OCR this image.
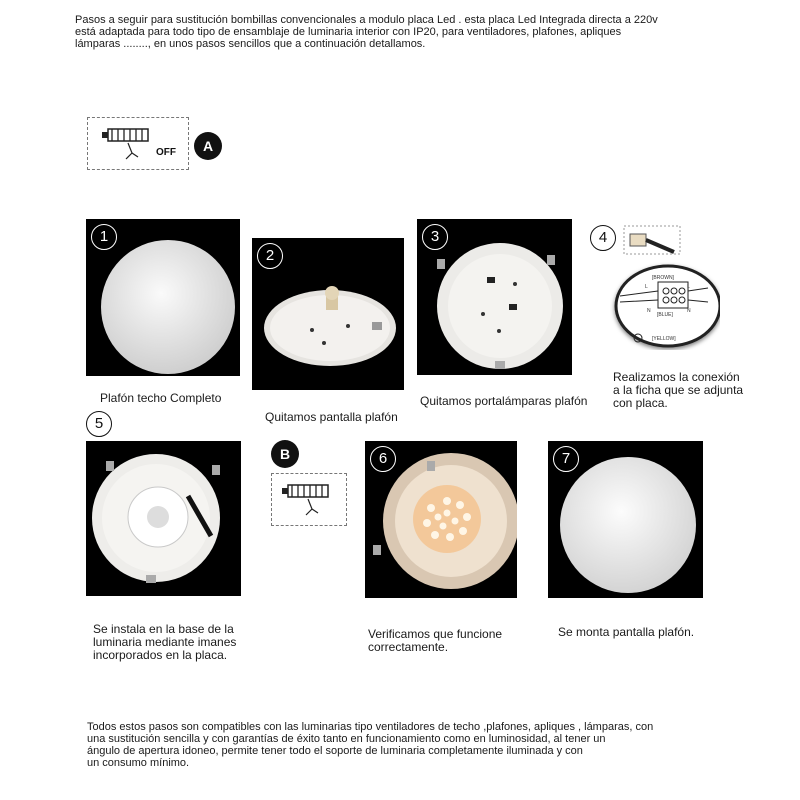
Pasos a seguir para sustitución bombillas convencionales a modulo placa Led . esta placa Led Integrada directa a 220v
está adaptada para todo tipo de ensamblaje de luminaria interior con IP20, para ventiladores, plafones, apliques
lámparas ........, en unos pasos sencillos que a continuación detallamos.

OFF	A
1
Plafón techo Completo
2
Quitamos pantalla plafón
3
Quitamos portalámparas plafón
4
[BROWN]
L	L
N	N
[BLUE]
[YELLOW]
Realizamos la conexión
a la ficha que se adjunta
con placa.
5
Se instala en la base de la
luminaria mediante imanes
incorporados en la placa.
B	6
Verificamos que funcione
correctamente.
7
Se monta pantalla plafón.

Todos estos pasos son compatibles con las luminarias tipo ventiladores de techo ,plafones, apliques , lámparas, con
una sustitución sencilla y con garantías de éxito tanto en funcionamiento como en luminosidad, al tener un
ángulo de apertura idoneo, permite tener todo el soporte de luminaria completamente iluminada y con
un consumo mínimo.
